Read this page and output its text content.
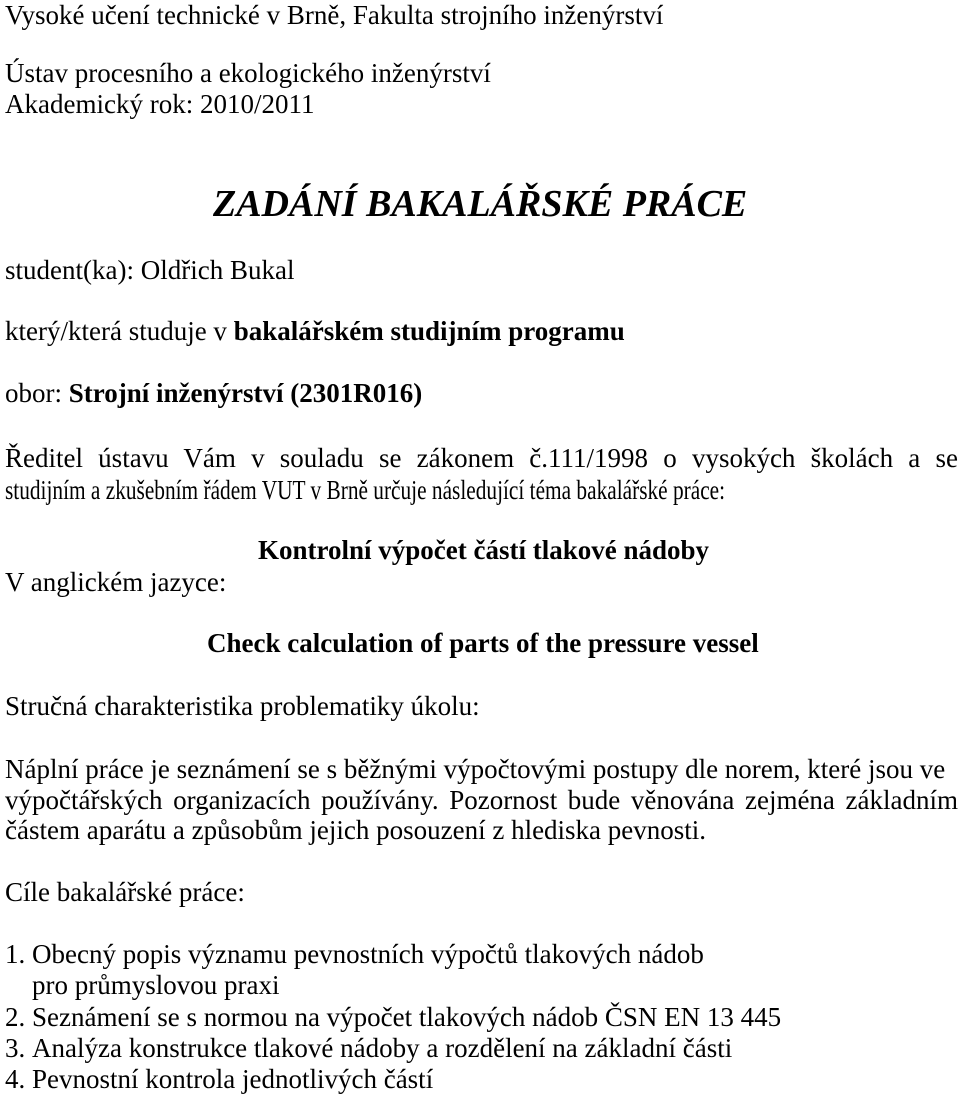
Vysoké učení technické v Brně, Fakulta strojního inženýrství
Ústav procesního a ekologického inženýrství
Akademický rok: 2010/2011
ZADÁNÍ BAKALÁŘSKÉ PRÁCE
student(ka): Oldřich Bukal
který/která studuje v bakalářském studijním programu
obor: Strojní inženýrství (2301R016)
Ředitel ústavu Vám v souladu se zákonem č.111/1998 o vysokých školách a se
studijním a zkušebním řádem VUT v Brně určuje následující téma bakalářské práce:
Kontrolní výpočet částí tlakové nádoby
V anglickém jazyce:
Check calculation of parts of the pressure vessel
Stručná charakteristika problematiky úkolu:
Náplní práce je seznámení se s běžnými výpočtovými postupy dle norem, které jsou ve
výpočtářských organizacích používány. Pozornost bude věnována zejména základním
částem aparátu a způsobům jejich posouzení z hlediska pevnosti.
Cíle bakalářské práce:
1. Obecný popis významu pevnostních výpočtů tlakových nádob
pro průmyslovou praxi
2. Seznámení se s normou na výpočet tlakových nádob ČSN EN 13 445
3. Analýza konstrukce tlakové nádoby a rozdělení na základní části
4. Pevnostní kontrola jednotlivých částí
